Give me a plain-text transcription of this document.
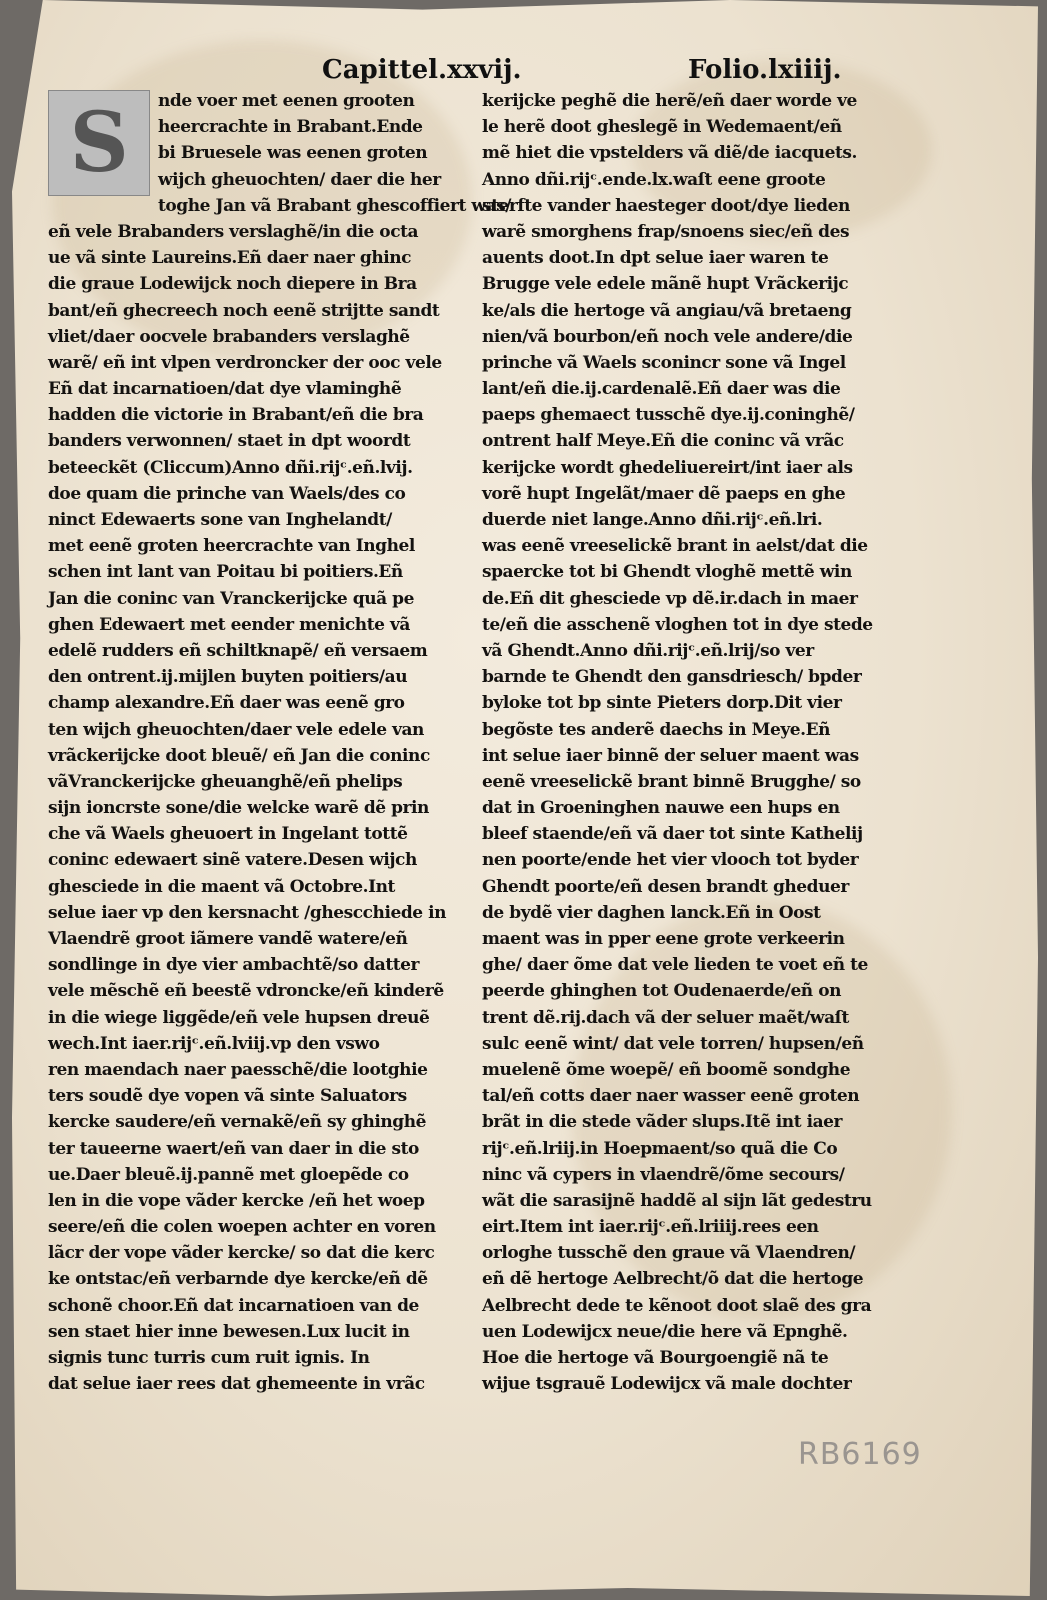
Capittel.xxvij.	Folio.lxiiij.
S	nde voer met eenen grooten
heercrachte in Brabant.Ende
bi Bruesele was eenen groten
wijch gheuochten/ daer die her
toghe Jan vã Brabant ghescoffiert was/
eñ vele Brabanders verslaghẽ/in die octa
ue vã sinte Laureins.Eñ daer naer ghinc
die graue Lodewijck noch diepere in Bra
bant/eñ ghecreech noch eenẽ strijtte sandt
vliet/daer oocvele brabanders verslaghẽ
warẽ/ eñ int vlpen verdroncker der ooc vele
Eñ dat incarnatioen/dat dye vlaminghẽ
hadden die victorie in Brabant/eñ die bra
banders verwonnen/ staet in dpt woordt
beteeckẽt (Cliccum)Anno dñi.rijᶜ.eñ.lvij.
doe quam die prinche van Waels/des co
ninct Edewaerts sone van Inghelandt/
met eenẽ groten heercrachte van Inghel
schen int lant van Poitau bi poitiers.Eñ
Jan die coninc van Vranckerijcke quã pe
ghen Edewaert met eender menichte vã
edelẽ rudders eñ schiltknapẽ/ eñ versaem
den ontrent.ij.mijlen buyten poitiers/au
champ alexandre.Eñ daer was eenẽ gro
ten wijch gheuochten/daer vele edele van
vrãckerijcke doot bleuẽ/ eñ Jan die coninc
vãVranckerijcke gheuanghẽ/eñ phelips
sijn ioncrste sone/die welcke warẽ dẽ prin
che vã Waels gheuoert in Ingelant tottẽ
coninc edewaert sinẽ vatere.Desen wijch
ghesciede in die maent vã Octobre.Int
selue iaer vp den kersnacht /ghescchiede in
Vlaendrẽ groot iãmere vandẽ watere/eñ
sondlinge in dye vier ambachtẽ/so datter
vele mẽschẽ eñ beestẽ vdroncke/eñ kinderẽ
in die wiege liggẽde/eñ vele hupsen dreuẽ
wech.Int iaer.rijᶜ.eñ.lviij.vp den vswo
ren maendach naer paesschẽ/die lootghie
ters soudẽ dye vopen vã sinte Saluators
kercke saudere/eñ vernakẽ/eñ sy ghinghẽ
ter taueerne waert/eñ van daer in die sto
ue.Daer bleuẽ.ij.pannẽ met gloepẽde co
len in die vope vãder kercke /eñ het woep
seere/eñ die colen woepen achter en voren
lãcr der vope vãder kercke/ so dat die kerc
ke ontstac/eñ verbarnde dye kercke/eñ dẽ
schonẽ choor.Eñ dat incarnatioen van de
sen staet hier inne bewesen.Lux lucit in
signis tunc turris cum ruit ignis. In
dat selue iaer rees dat ghemeente in vrãc
kerijcke peghẽ die herẽ/eñ daer worde ve
le herẽ doot gheslegẽ in Wedemaent/eñ
mẽ hiet die vpstelders vã diẽ/de iacquets.
Anno dñi.rijᶜ.ende.lx.waſt eene groote
sterfte vander haesteger doot/dye lieden
warẽ smorghens frap/snoens siec/eñ des
auents doot.In dpt selue iaer waren te
Brugge vele edele mãnẽ hupt Vrãckerijc
ke/als die hertoge vã angiau/vã bretaeng
nien/vã bourbon/eñ noch vele andere/die
prinche vã Waels sconincr sone vã Ingel
lant/eñ die.ij.cardenalẽ.Eñ daer was die
paeps ghemaect tusschẽ dye.ij.coninghẽ/
ontrent half Meye.Eñ die coninc vã vrãc
kerijcke wordt ghedeliuereirt/int iaer als
vorẽ hupt Ingelãt/maer dẽ paeps en ghe
duerde niet lange.Anno dñi.rijᶜ.eñ.lri.
was eenẽ vreeselickẽ brant in aelst/dat die
spaercke tot bi Ghendt vloghẽ mettẽ win
de.Eñ dit ghesciede vp dẽ.ir.dach in maer
te/eñ die asschenẽ vloghen tot in dye stede
vã Ghendt.Anno dñi.rijᶜ.eñ.lrij/so ver
barnde te Ghendt den gansdriesch/ bpder
byloke tot bp sinte Pieters dorp.Dit vier
begõste tes anderẽ daechs in Meye.Eñ
int selue iaer binnẽ der seluer maent was
eenẽ vreeselickẽ brant binnẽ Brugghe/ so
dat in Groeninghen nauwe een hups en
bleef staende/eñ vã daer tot sinte Kathelij
nen poorte/ende het vier vlooch tot byder
Ghendt poorte/eñ desen brandt gheduer
de bydẽ vier daghen lanck.Eñ in Oost
maent was in pper eene grote verkeerin
ghe/ daer õme dat vele lieden te voet eñ te
peerde ghinghen tot Oudenaerde/eñ on
trent dẽ.rij.dach vã der seluer maẽt/waſt
sulc eenẽ wint/ dat vele torren/ hupsen/eñ
muelenẽ õme woepẽ/ eñ boomẽ sondghe
tal/eñ cotts daer naer wasser eenẽ groten
brãt in die stede vãder slups.Itẽ int iaer
rijᶜ.eñ.lriij.in Hoepmaent/so quã die Co
ninc vã cypers in vlaendrẽ/õme secours/
wãt die sarasijnẽ haddẽ al sijn lãt gedestru
eirt.Item int iaer.rijᶜ.eñ.lriiij.rees een
orloghe tusschẽ den graue vã Vlaendren/
eñ dẽ hertoge Aelbrecht/õ dat die hertoge
Aelbrecht dede te kẽnoot doot slaẽ des gra
uen Lodewijcx neue/die here vã Epnghẽ.
Hoe die hertoge vã Bourgoengiẽ nã te
wijue tsgrauẽ Lodewijcx vã male dochter
RB6169
